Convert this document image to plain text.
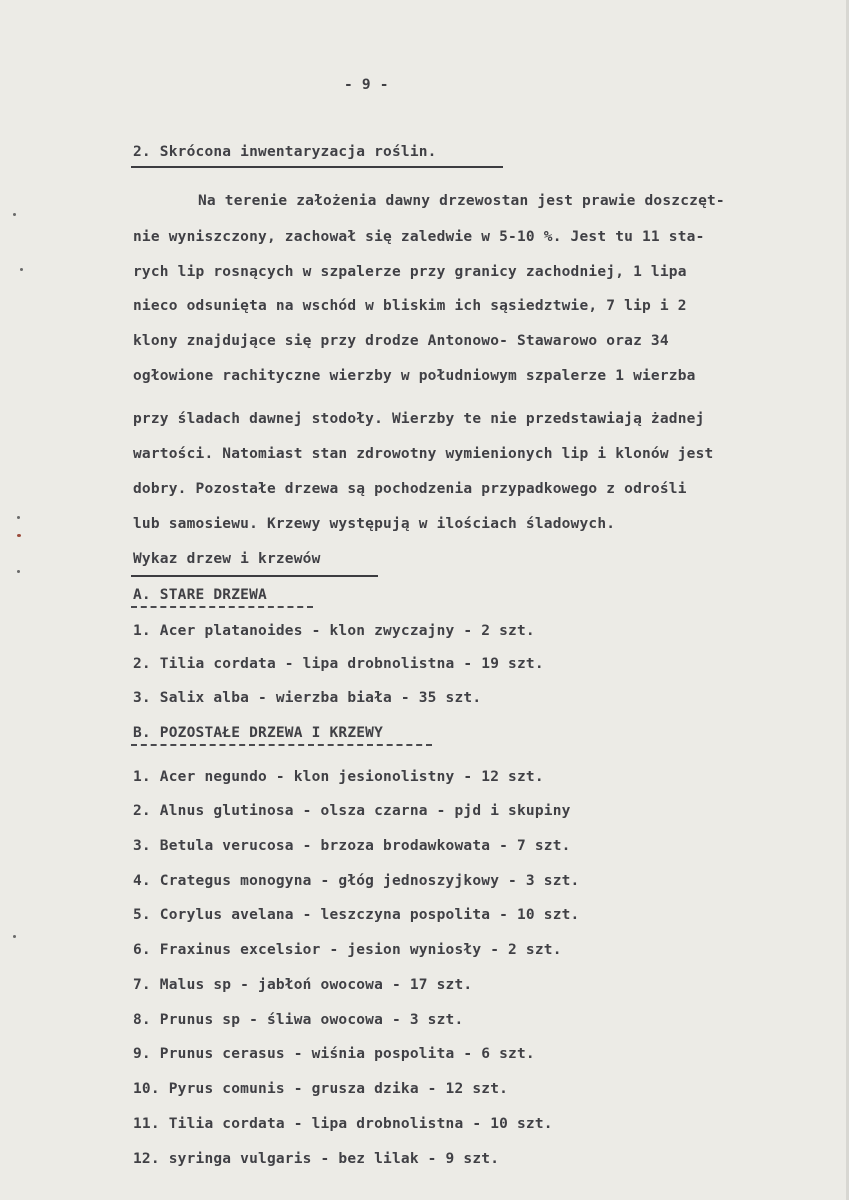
- 9 -
2. Skrócona inwentaryzacja roślin.
Na terenie założenia dawny drzewostan jest prawie doszczęt-
nie wyniszczony, zachował się zaledwie w 5-10 %. Jest tu 11 sta-
rych lip rosnących w szpalerze przy granicy zachodniej, 1 lipa
nieco odsunięta na wschód w bliskim ich sąsiedztwie, 7 lip i 2
klony znajdujące się przy drodze Antonowo- Stawarowo oraz 34
ogłowione rachityczne wierzby w południowym szpalerze 1 wierzba
przy śladach dawnej stodoły. Wierzby te nie przedstawiają żadnej
wartości. Natomiast stan zdrowotny wymienionych lip i klonów jest
dobry. Pozostałe drzewa są pochodzenia przypadkowego z odrośli
lub samosiewu. Krzewy występują w ilościach śladowych.
Wykaz drzew i krzewów
A. STARE DRZEWA
1. Acer platanoides - klon zwyczajny - 2 szt.
2. Tilia cordata - lipa drobnolistna - 19 szt.
3. Salix alba - wierzba biała - 35 szt.
B. POZOSTAŁE DRZEWA I KRZEWY
1. Acer negundo - klon jesionolistny - 12 szt.
2. Alnus glutinosa - olsza czarna - pjd i skupiny
3. Betula verucosa - brzoza brodawkowata - 7 szt.
4. Crategus monogyna - głóg jednoszyjkowy - 3 szt.
5. Corylus avelana - leszczyna pospolita - 10 szt.
6. Fraxinus excelsior - jesion wyniosły - 2 szt.
7. Malus sp - jabłoń owocowa - 17 szt.
8. Prunus sp - śliwa owocowa - 3 szt.
9. Prunus cerasus - wiśnia pospolita - 6 szt.
10. Pyrus comunis - grusza dzika - 12 szt.
11. Tilia cordata - lipa drobnolistna - 10 szt.
12. syringa vulgaris - bez lilak - 9 szt.
